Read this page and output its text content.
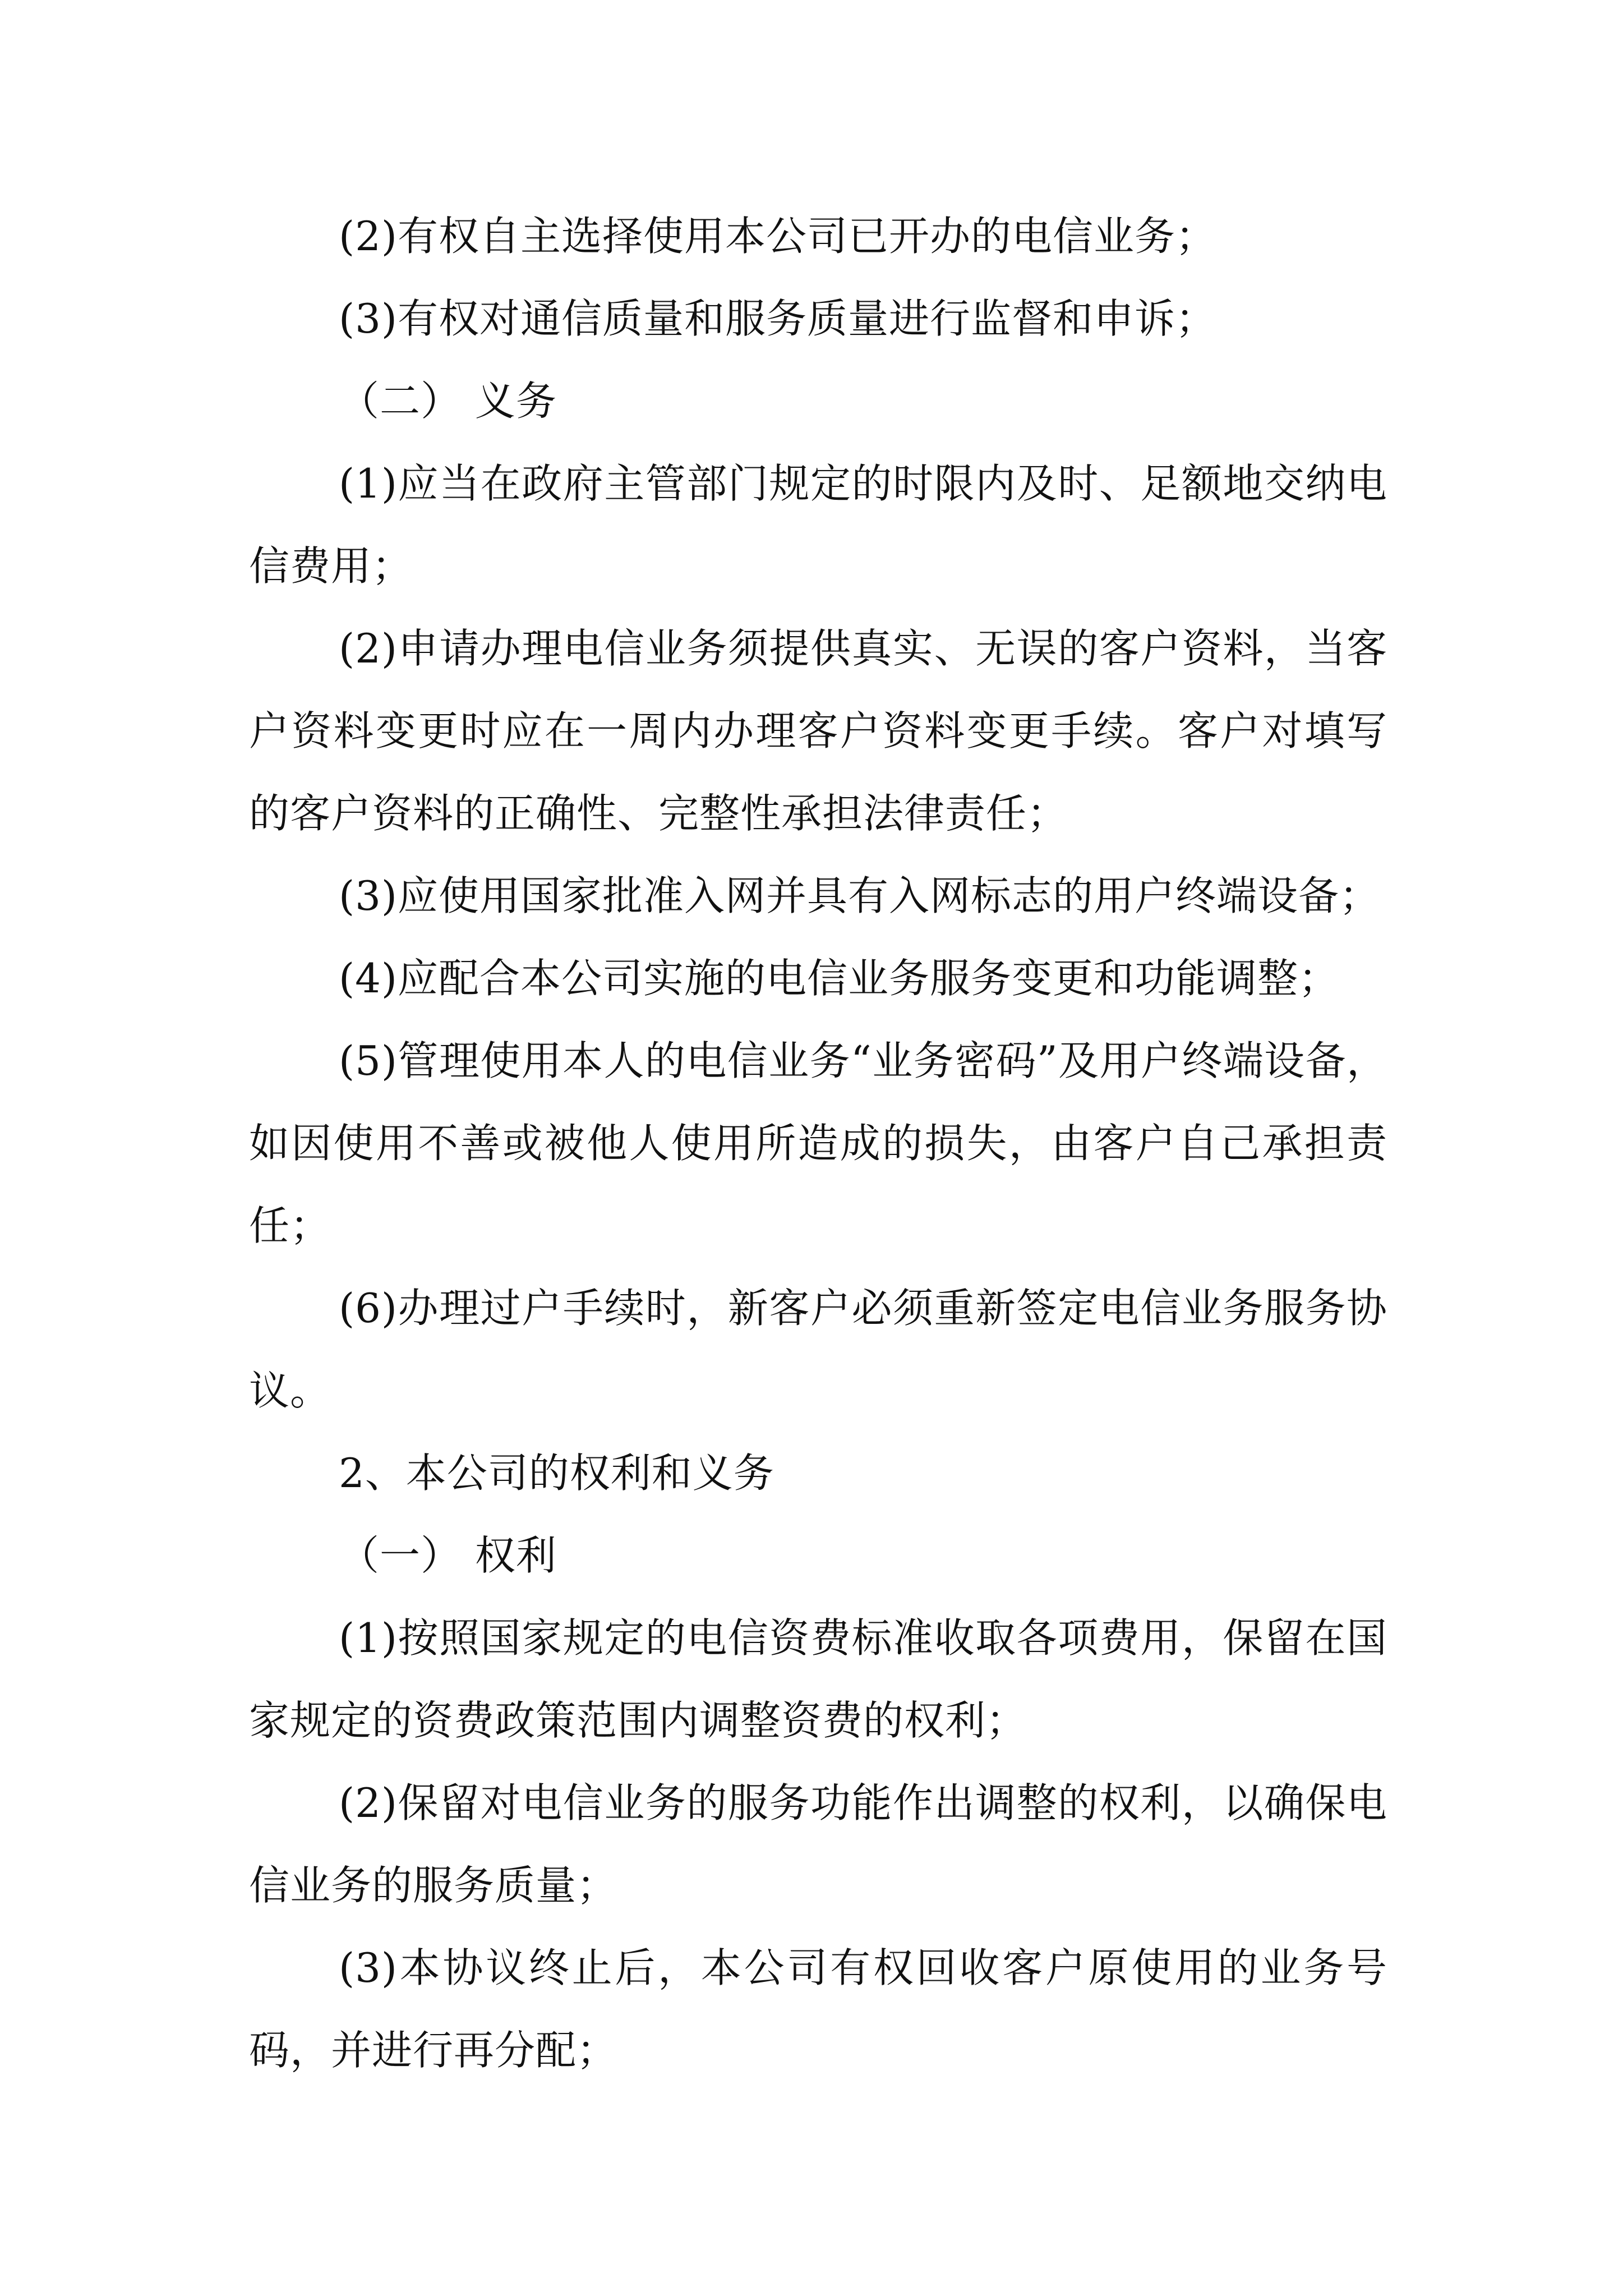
(2)有权自主选择使用本公司已开办的电信业务；

(3)有权对通信质量和服务质量进行监督和申诉；

（二） 义务

(1)应当在政府主管部门规定的时限内及时、足额地交纳电信费用；

(2)申请办理电信业务须提供真实、无误的客户资料，当客户资料变更时应在一周内办理客户资料变更手续。客户对填写的客户资料的正确性、完整性承担法律责任；

(3)应使用国家批准入网并具有入网标志的用户终端设备；

(4)应配合本公司实施的电信业务服务变更和功能调整；

(5)管理使用本人的电信业务“业务密码”及用户终端设备，如因使用不善或被他人使用所造成的损失，由客户自己承担责任；

(6)办理过户手续时，新客户必须重新签定电信业务服务协议。

2、本公司的权利和义务

（一） 权利

(1)按照国家规定的电信资费标准收取各项费用，保留在国家规定的资费政策范围内调整资费的权利；

(2)保留对电信业务的服务功能作出调整的权利，以确保电信业务的服务质量；

(3)本协议终止后，本公司有权回收客户原使用的业务号码，并进行再分配；
